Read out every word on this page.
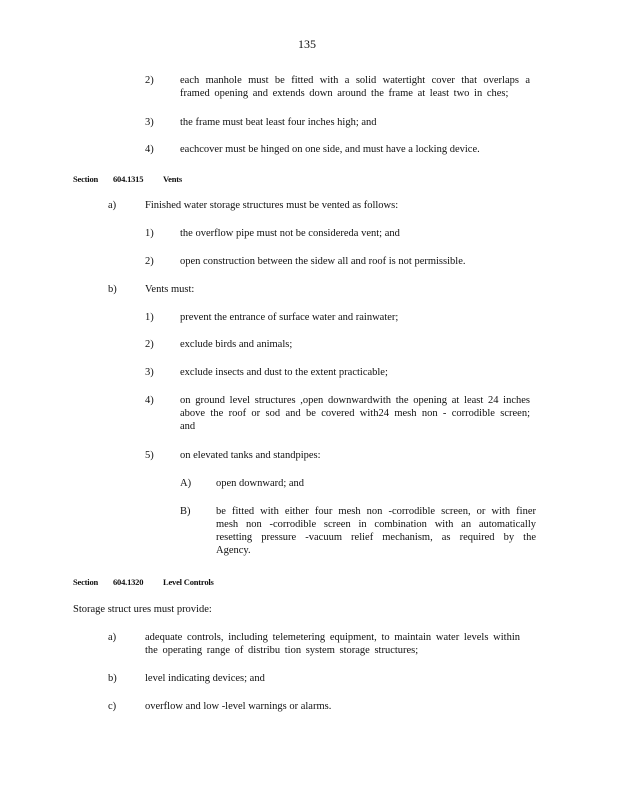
135
2)	each manhole must be fitted with a solid watertight cover that overlaps a framed opening and extends down around the frame at least two in ches;
3)	the frame must beat least four inches high; and
4)	eachcover must be hinged on one side, and must have a locking device.
Section 604.1315 Vents
a)	Finished water storage structures must be vented as follows:
1)	the overflow pipe must not be considereda vent; and
2)	open construction between the sidew all and roof is not permissible.
b)	Vents must:
1)	prevent the entrance of surface water and rainwater;
2)	exclude birds and animals;
3)	exclude insects and dust to the extent practicable;
4)	on ground level structures ,open downwardwith the opening at least 24 inches above the roof or sod and be covered with24 mesh non - corrodible screen; and
5)	on elevated tanks and standpipes:
A) open downward; and
B) be fitted with either four mesh non -corrodible screen, or with finer mesh non -corrodible screen in combination with an automatically resetting pressure -vacuum relief mechanism, as required by the Agency.
Section 604.1320 Level Controls
Storage struct ures must provide:
a)	adequate controls, including telemetering equipment, to maintain water levels within the operating range of distribu tion system storage structures;
b)	level indicating devices; and
c)	overflow and low -level warnings or alarms.
